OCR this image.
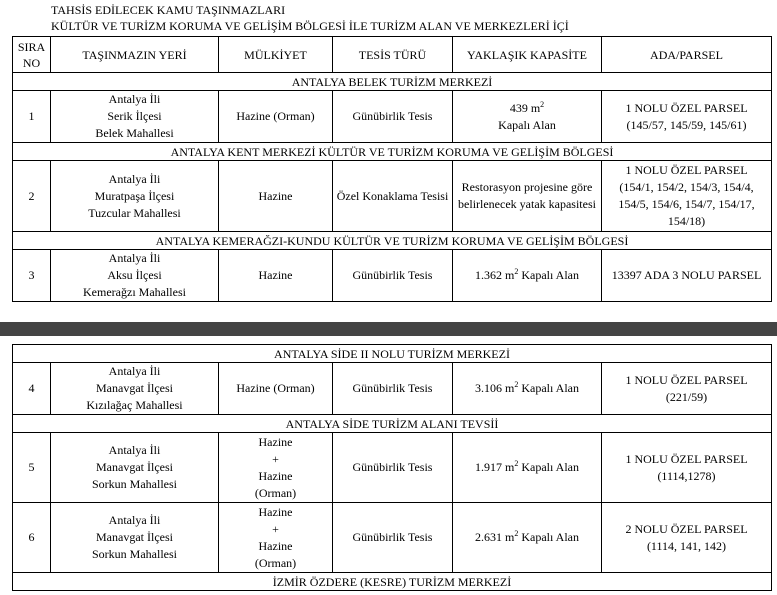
TAHSİS EDİLECEK KAMU TAŞINMAZLARI
KÜLTÜR VE TURİZM KORUMA VE GELİŞİM BÖLGESİ İLE TURİZM ALAN VE MERKEZLERİ İÇİ
SIRA
NO	TAŞINMAZIN YERİ	MÜLKİYET	TESİS TÜRÜ	YAKLAŞIK KAPASİTE	ADA/PARSEL
ANTALYA BELEK TURİZM MERKEZİ					
1	Antalya İli
Serik İlçesi
Belek Mahallesi	Hazine (Orman)	Günübirlik Tesis	439 $m^2$
Kapalı Alan	1 NOLU ÖZEL PARSEL
(145/57, 145/59, 145/61)
ANTALYA KENT MERKEZİ KÜLTÜR VE TURİZM KORUMA VE GELİŞİM BÖLGESİ					
2	Antalya İli
Muratpaşa İlçesi
Tuzcular Mahallesi	Hazine	Özel Konaklama Tesisi	Restorasyon projesine göre
belirlenecek yatak kapasitesi	1 NOLU ÖZEL PARSEL
(154/1, 154/2, 154/3, 154/4,
154/5, 154/6, 154/7, 154/17,
154/18)
ANTALYA KEMERAĞZI-KUNDU KÜLTÜR VE TURİZM KORUMA VE GELİŞİM BÖLGESİ					
3	Antalya İli
Aksu İlçesi
Kemerağzı Mahallesi	Hazine	Günübirlik Tesis	1.362 $m^2$ Kapalı Alan	13397 ADA 3 NOLU PARSEL
ANTALYA SİDE II NOLU TURİZM MERKEZİ					
4	Antalya İli
Manavgat İlçesi
Kızılağaç Mahallesi	Hazine (Orman)	Günübirlik Tesis	3.106 $m^2$ Kapalı Alan	1 NOLU ÖZEL PARSEL
(221/59)
ANTALYA SİDE TURİZM ALANI TEVSİİ					
5	Antalya İli
Manavgat İlçesi
Sorkun Mahallesi	Hazine
+
Hazine
(Orman)	Günübirlik Tesis	1.917 $m^2$ Kapalı Alan	1 NOLU ÖZEL PARSEL
(1114,1278)
6	Antalya İli
Manavgat İlçesi
Sorkun Mahallesi	Hazine
+
Hazine
(Orman)	Günübirlik Tesis	2.631 $m^2$ Kapalı Alan	2 NOLU ÖZEL PARSEL
(1114, 141, 142)
İZMİR ÖZDERE (KESRE) TURİZM MERKEZİ					
